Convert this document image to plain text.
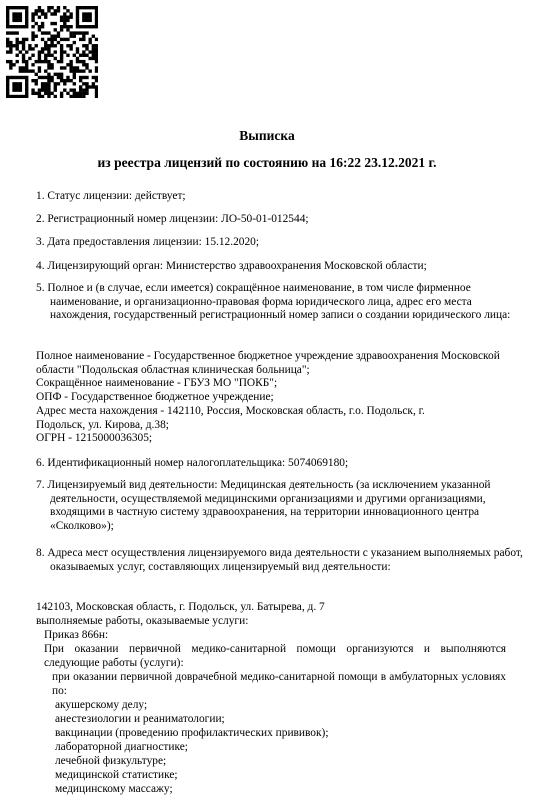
Выписка
из реестра лицензий по состоянию на 16:22 23.12.2021 г.
1. Статус лицензии: действует;
2. Регистрационный номер лицензии: ЛО-50-01-012544;
3. Дата предоставления лицензии: 15.12.2020;
4. Лицензирующий орган: Министерство здравоохранения Московской области;
5. Полное и (в случае, если имеется) сокращённое наименование, в том числе фирменное наименование, и организационно-правовая форма юридического лица, адрес его места нахождения, государственный регистрационный номер записи о создании юридического лица:
Полное наименование - Государственное бюджетное учреждение здравоохранения Московской области "Подольская областная клиническая больница";
Сокращённое наименование - ГБУЗ МО "ПОКБ";
ОПФ - Государственное бюджетное учреждение;
Адрес места нахождения - 142110, Россия, Московская область, г.о. Подольск, г. Подольск, ул. Кирова, д.38;
ОГРН - 1215000036305;
6. Идентификационный номер налогоплательщика: 5074069180;
7. Лицензируемый вид деятельности: Медицинская деятельность (за исключением указанной деятельности, осуществляемой медицинскими организациями и другими организациями, входящими в частную систему здравоохранения, на территории инновационного центра «Сколково»);
8. Адреса мест осуществления лицензируемого вида деятельности с указанием выполняемых работ, оказываемых услуг, составляющих лицензируемый вид деятельности:
142103, Московская область, г. Подольск, ул. Батырева, д. 7
выполняемые работы, оказываемые услуги:
Приказ 866н:
При оказании первичной медико-санитарной помощи организуются и выполняются следующие работы (услуги):
при оказании первичной доврачебной медико-санитарной помощи в амбулаторных условиях по:
акушерскому делу;
анестезиологии и реаниматологии;
вакцинации (проведению профилактических прививок);
лабораторной диагностике;
лечебной физкультуре;
медицинской статистике;
медицинскому массажу;
